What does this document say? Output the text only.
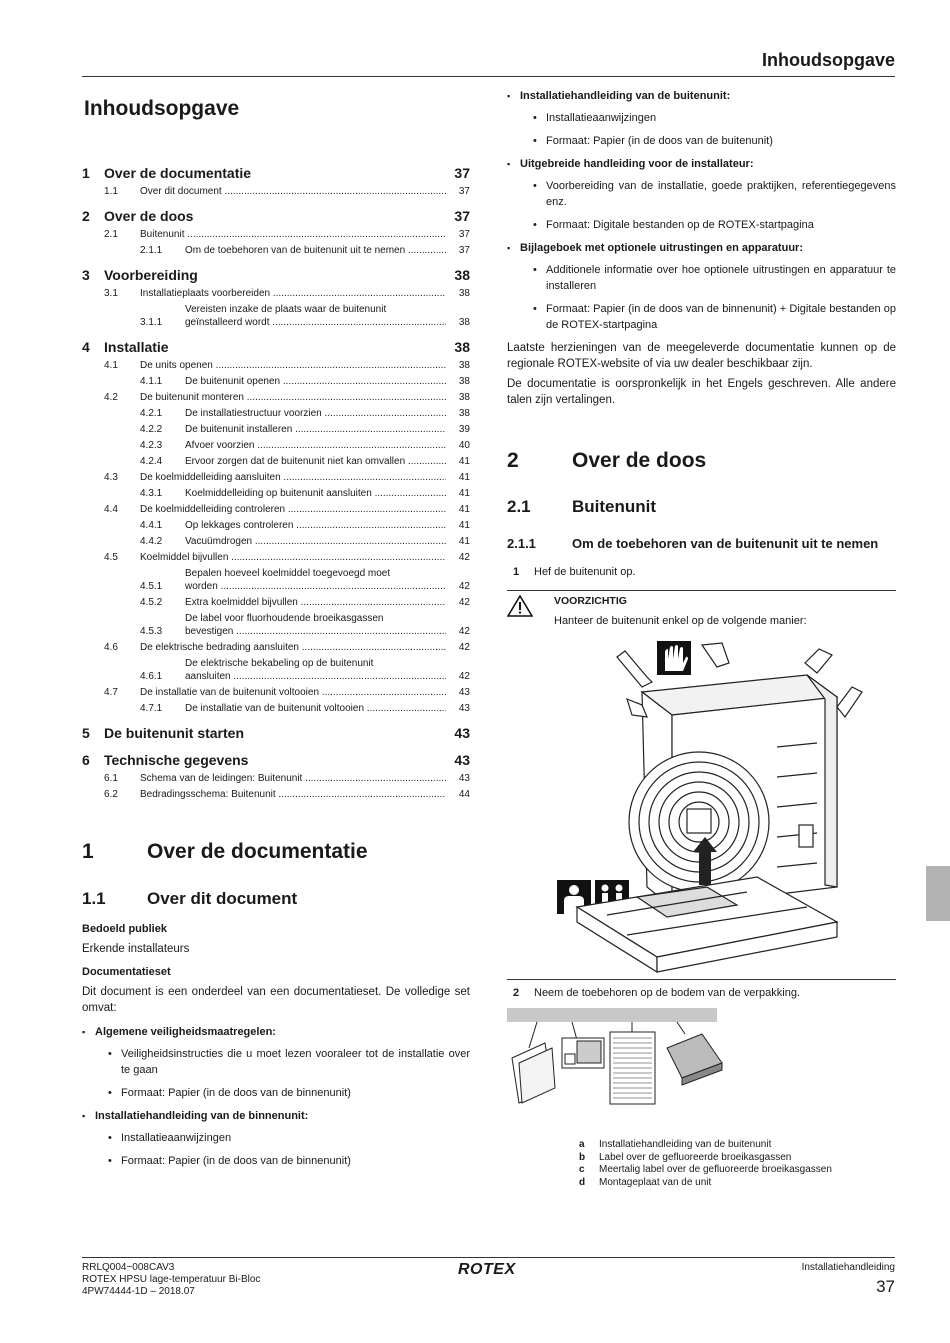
Inhoudsopgave
Inhoudsopgave
1	Over de documentatie	37
1.1	Over dit document .....	37
2	Over de doos	37
2.1	Buitenunit .....	37
2.1.1	Om de toebehoren van de buitenunit uit te nemen .....	37
3	Voorbereiding	38
3.1	Installatieplaats voorbereiden .....	38
3.1.1
Vereisten inzake de plaats waar de buitenunit
geïnstalleerd wordt .....	38
4	Installatie	38
4.1	De units openen .....	38
4.1.1	De buitenunit openen .....	38
4.2	De buitenunit monteren .....	38
4.2.1	De installatiestructuur voorzien .....	38
4.2.2	De buitenunit installeren .....	39
4.2.3	Afvoer voorzien .....	40
4.2.4	Ervoor zorgen dat de buitenunit niet kan omvallen .....	41
4.3	De koelmiddelleiding aansluiten .....	41
4.3.1	Koelmiddelleiding op buitenunit aansluiten .....	41
4.4	De koelmiddelleiding controleren .....	41
4.4.1	Op lekkages controleren .....	41
4.4.2	Vacuümdrogen .....	41
4.5	Koelmiddel bijvullen .....	42
4.5.1
Bepalen hoeveel koelmiddel toegevoegd moet
worden .....	42
4.5.2	Extra koelmiddel bijvullen .....	42
4.5.3
De label voor fluorhoudende broeikasgassen
bevestigen .....	42
4.6	De elektrische bedrading aansluiten .....	42
4.6.1
De elektrische bekabeling op de buitenunit
aansluiten .....	42
4.7	De installatie van de buitenunit voltooien .....	43
4.7.1	De installatie van de buitenunit voltooien .....	43
5	De buitenunit starten	43
6	Technische gegevens	43
6.1	Schema van de leidingen: Buitenunit .....	43
6.2	Bedradingsschema: Buitenunit .....	44
1	Over de documentatie
1.1	Over dit document

Bedoeld publiek

Erkende installateurs

Documentatieset

Dit document is een onderdeel van een documentatieset. De volledige set omvat:

▪ Algemene veiligheidsmaatregelen:
• Veiligheidsinstructies die u moet lezen vooraleer tot de installatie over te gaan
• Formaat: Papier (in de doos van de binnenunit)
▪ Installatiehandleiding van de binnenunit:
• Installatieaanwijzingen
• Formaat: Papier (in de doos van de binnenunit)
▪ Installatiehandleiding van de buitenunit:
• Installatieaanwijzingen
• Formaat: Papier (in de doos van de buitenunit)
▪ Uitgebreide handleiding voor de installateur:
• Voorbereiding van de installatie, goede praktijken, referentiegegevens enz.
• Formaat: Digitale bestanden op de ROTEX-startpagina
▪ Bijlageboek met optionele uitrustingen en apparatuur:
• Additionele informatie over hoe optionele uitrustingen en apparatuur te installeren
• Formaat: Papier (in de doos van de binnenunit) + Digitale bestanden op de ROTEX-startpagina

Laatste herzieningen van de meegeleverde documentatie kunnen op de regionale ROTEX-website of via uw dealer beschikbaar zijn.

De documentatie is oorspronkelijk in het Engels geschreven. Alle andere talen zijn vertalingen.

2	Over de doos
2.1	Buitenunit
2.1.1	Om de toebehoren van de buitenunit uit te nemen
1	Hef de buitenunit op.
VOORZICHTIG
Hanteer de buitenunit enkel op de volgende manier:
2	Neem de toebehoren op de bodem van de verpakking.
a	Installatiehandleiding van de buitenunit
b	Label over de gefluoreerde broeikasgassen
c	Meertalig label over de gefluoreerde broeikasgassen
d	Montageplaat van de unit
RRLQ004~008CAV3
ROTEX HPSU lage-temperatuur Bi-Bloc
4PW74444-1D – 2018.07
ROTEX	Installatiehandleiding
37
